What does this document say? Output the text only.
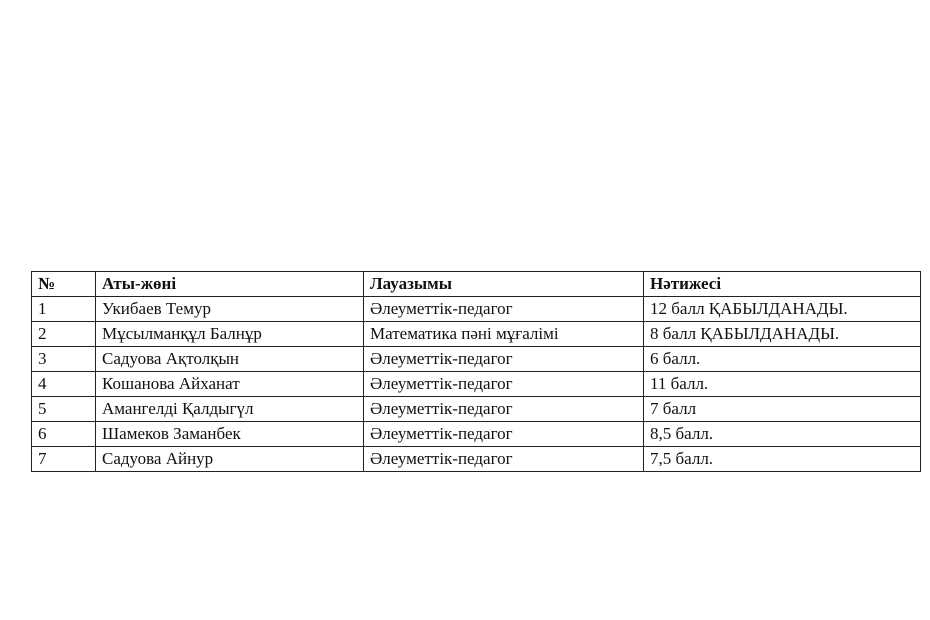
№	Аты-жөні	Лауазымы	Нәтижесі
1	Укибаев Темур	Әлеуметтік-педагог	12 балл ҚАБЫЛДАНАДЫ.
2	Мұсылманқұл Балнұр	Математика пәні мұғалімі	8 балл ҚАБЫЛДАНАДЫ.
3	Садуова Ақтолқын	Әлеуметтік-педагог	6 балл.
4	Кошанова Айханат	Әлеуметтік-педагог	11 балл.
5	Амангелді Қалдыгүл	Әлеуметтік-педагог	7 балл
6	Шамеков Заманбек	Әлеуметтік-педагог	8,5 балл.
7	Садуова Айнур	Әлеуметтік-педагог	7,5 балл.
